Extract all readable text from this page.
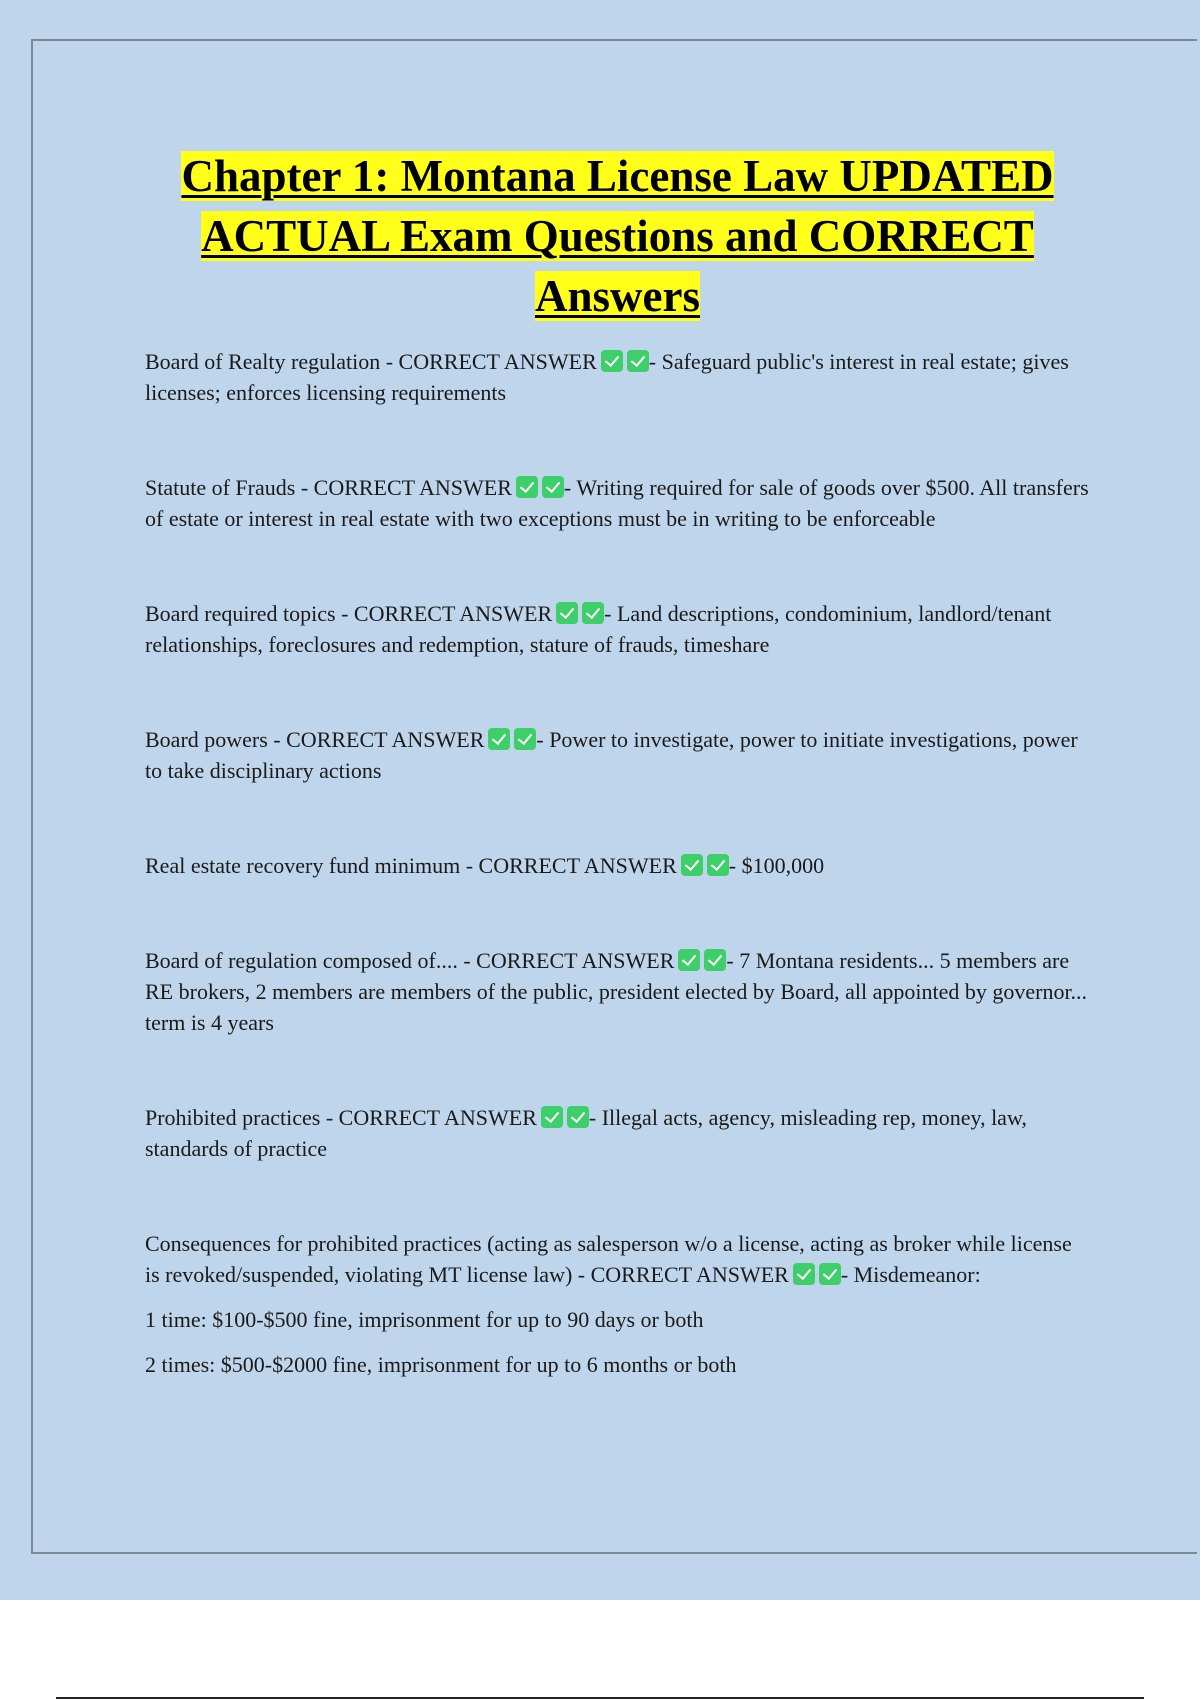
Chapter 1: Montana License Law UPDATED
ACTUAL Exam Questions and CORRECT
Answers

Board of Realty regulation - CORRECT ANSWER - Safeguard public's interest in real estate; gives licenses; enforces licensing requirements

Statute of Frauds - CORRECT ANSWER - Writing required for sale of goods over $500. All transfers of estate or interest in real estate with two exceptions must be in writing to be enforceable

Board required topics - CORRECT ANSWER - Land descriptions, condominium, landlord/tenant relationships, foreclosures and redemption, stature of frauds, timeshare

Board powers - CORRECT ANSWER - Power to investigate, power to initiate investigations, power to take disciplinary actions

Real estate recovery fund minimum - CORRECT ANSWER - $100,000

Board of regulation composed of.... - CORRECT ANSWER - 7 Montana residents... 5 members are RE brokers, 2 members are members of the public, president elected by Board, all appointed by governor... term is 4 years

Prohibited practices - CORRECT ANSWER - Illegal acts, agency, misleading rep, money, law, standards of practice

Consequences for prohibited practices (acting as salesperson w/o a license, acting as broker while license is revoked/suspended, violating MT license law) - CORRECT ANSWER - Misdemeanor:

1 time: $100-$500 fine, imprisonment for up to 90 days or both

2 times: $500-$2000 fine, imprisonment for up to 6 months or both
